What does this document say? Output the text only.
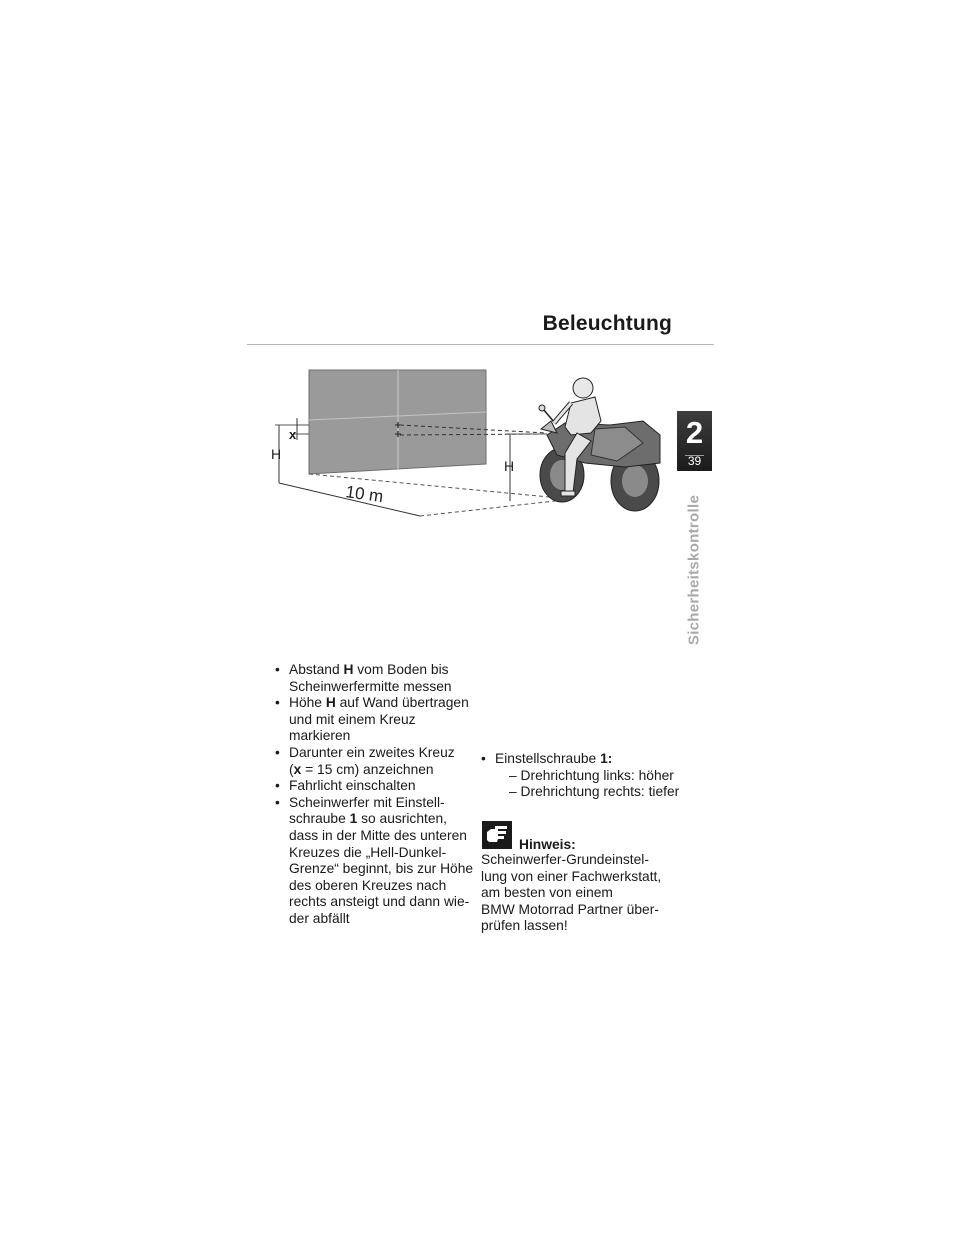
Beleuchtung
2
39
Sicherheitskontrolle
H
x
H
10 m
• Abstand H vom Boden bis
Scheinwerfermitte messen
• Höhe H auf Wand übertragen
und mit einem Kreuz
markieren
• Darunter ein zweites Kreuz
(x = 15 cm) anzeichnen
• Fahrlicht einschalten
• Scheinwerfer mit Einstell-
schraube 1 so ausrichten,
dass in der Mitte des unteren
Kreuzes die „Hell-Dunkel-
Grenze“ beginnt, bis zur Höhe
des oberen Kreuzes nach
rechts ansteigt und dann wie-
der abfällt
• Einstellschraube 1:
– Drehrichtung links: höher
– Drehrichtung rechts: tiefer
Hinweis:
Scheinwerfer-Grundeinstel-
lung von einer Fachwerkstatt,
am besten von einem
BMW Motorrad Partner über-
prüfen lassen!
